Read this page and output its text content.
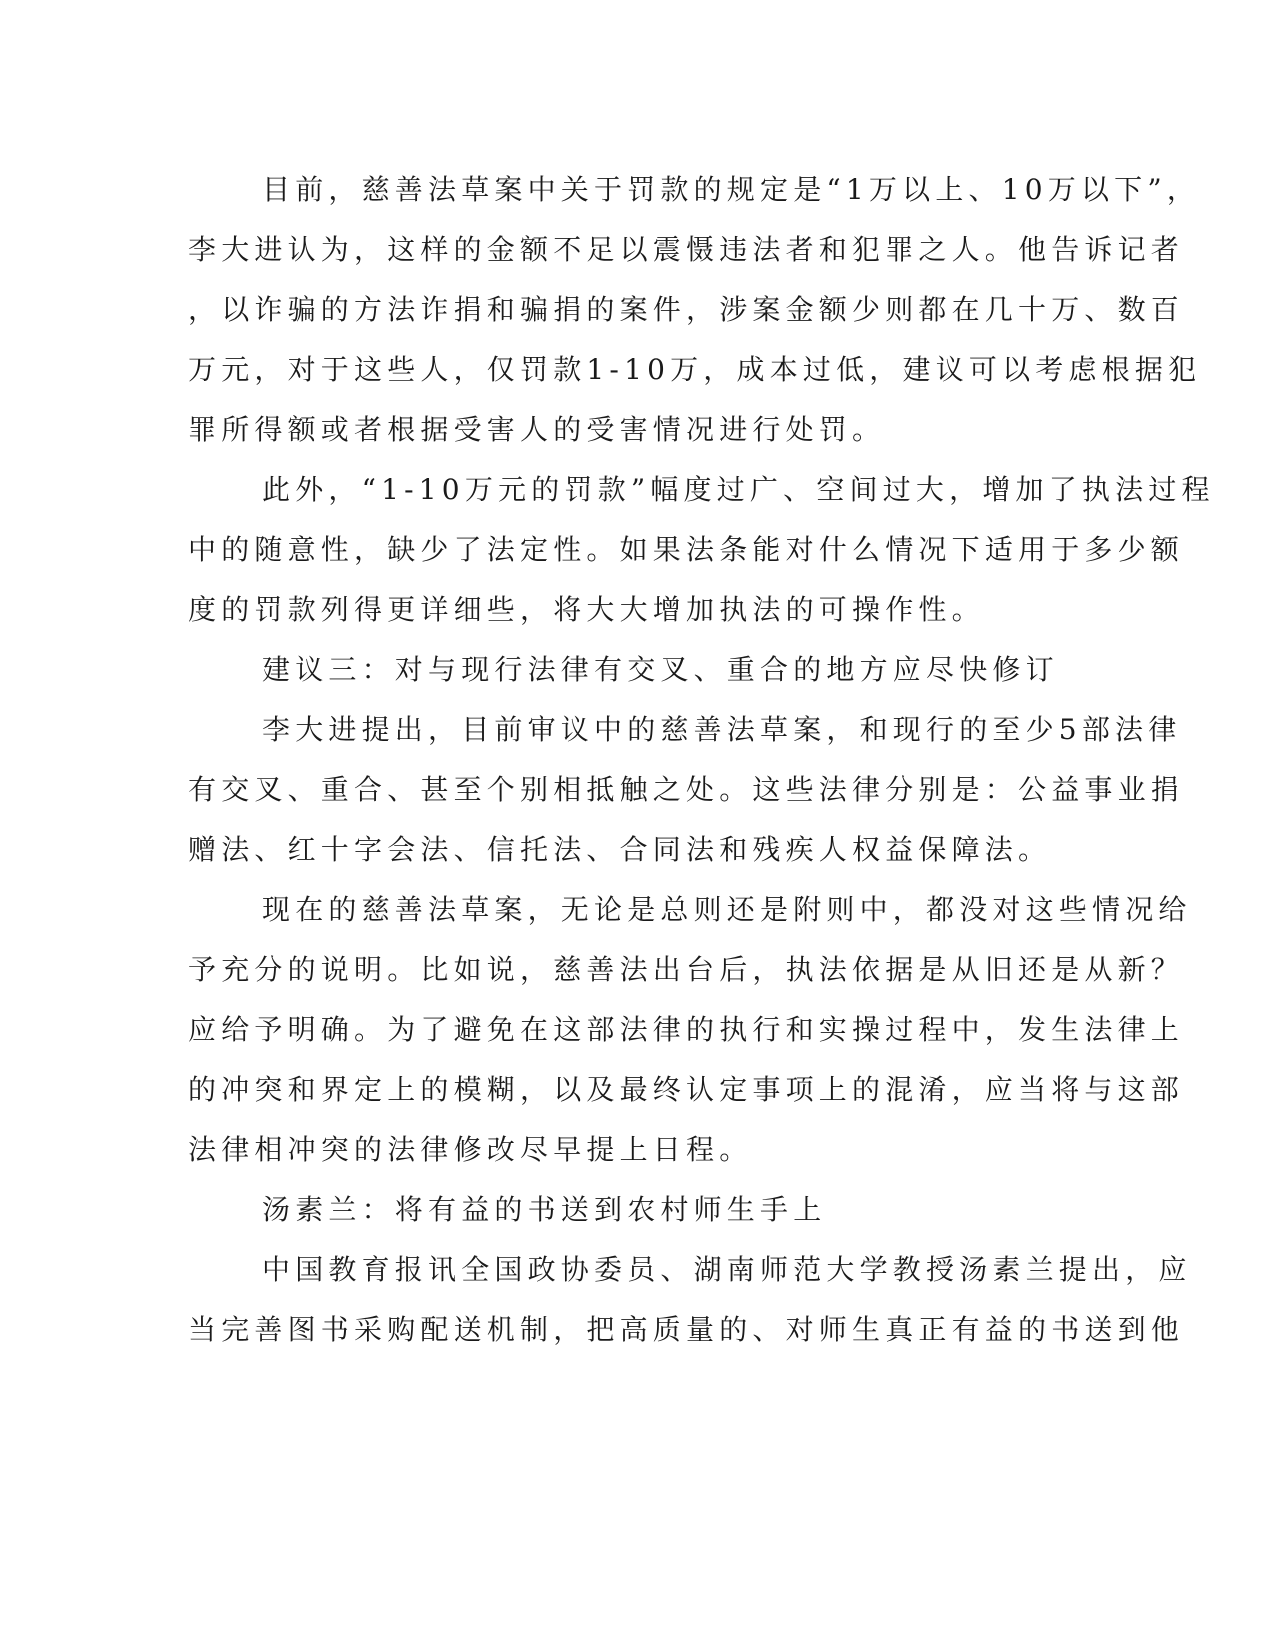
目前，慈善法草案中关于罚款的规定是“1万以上、10万以下”，
李大进认为，这样的金额不足以震慑违法者和犯罪之人。他告诉记者
，以诈骗的方法诈捐和骗捐的案件，涉案金额少则都在几十万、数百
万元，对于这些人，仅罚款1-10万，成本过低，建议可以考虑根据犯
罪所得额或者根据受害人的受害情况进行处罚。
此外，“1-10万元的罚款”幅度过广、空间过大，增加了执法过程
中的随意性，缺少了法定性。如果法条能对什么情况下适用于多少额
度的罚款列得更详细些，将大大增加执法的可操作性。
建议三：对与现行法律有交叉、重合的地方应尽快修订
李大进提出，目前审议中的慈善法草案，和现行的至少5部法律
有交叉、重合、甚至个别相抵触之处。这些法律分别是：公益事业捐
赠法、红十字会法、信托法、合同法和残疾人权益保障法。
现在的慈善法草案，无论是总则还是附则中，都没对这些情况给
予充分的说明。比如说，慈善法出台后，执法依据是从旧还是从新？
应给予明确。为了避免在这部法律的执行和实操过程中，发生法律上
的冲突和界定上的模糊，以及最终认定事项上的混淆，应当将与这部
法律相冲突的法律修改尽早提上日程。
汤素兰：将有益的书送到农村师生手上
中国教育报讯全国政协委员、湖南师范大学教授汤素兰提出，应
当完善图书采购配送机制，把高质量的、对师生真正有益的书送到他
